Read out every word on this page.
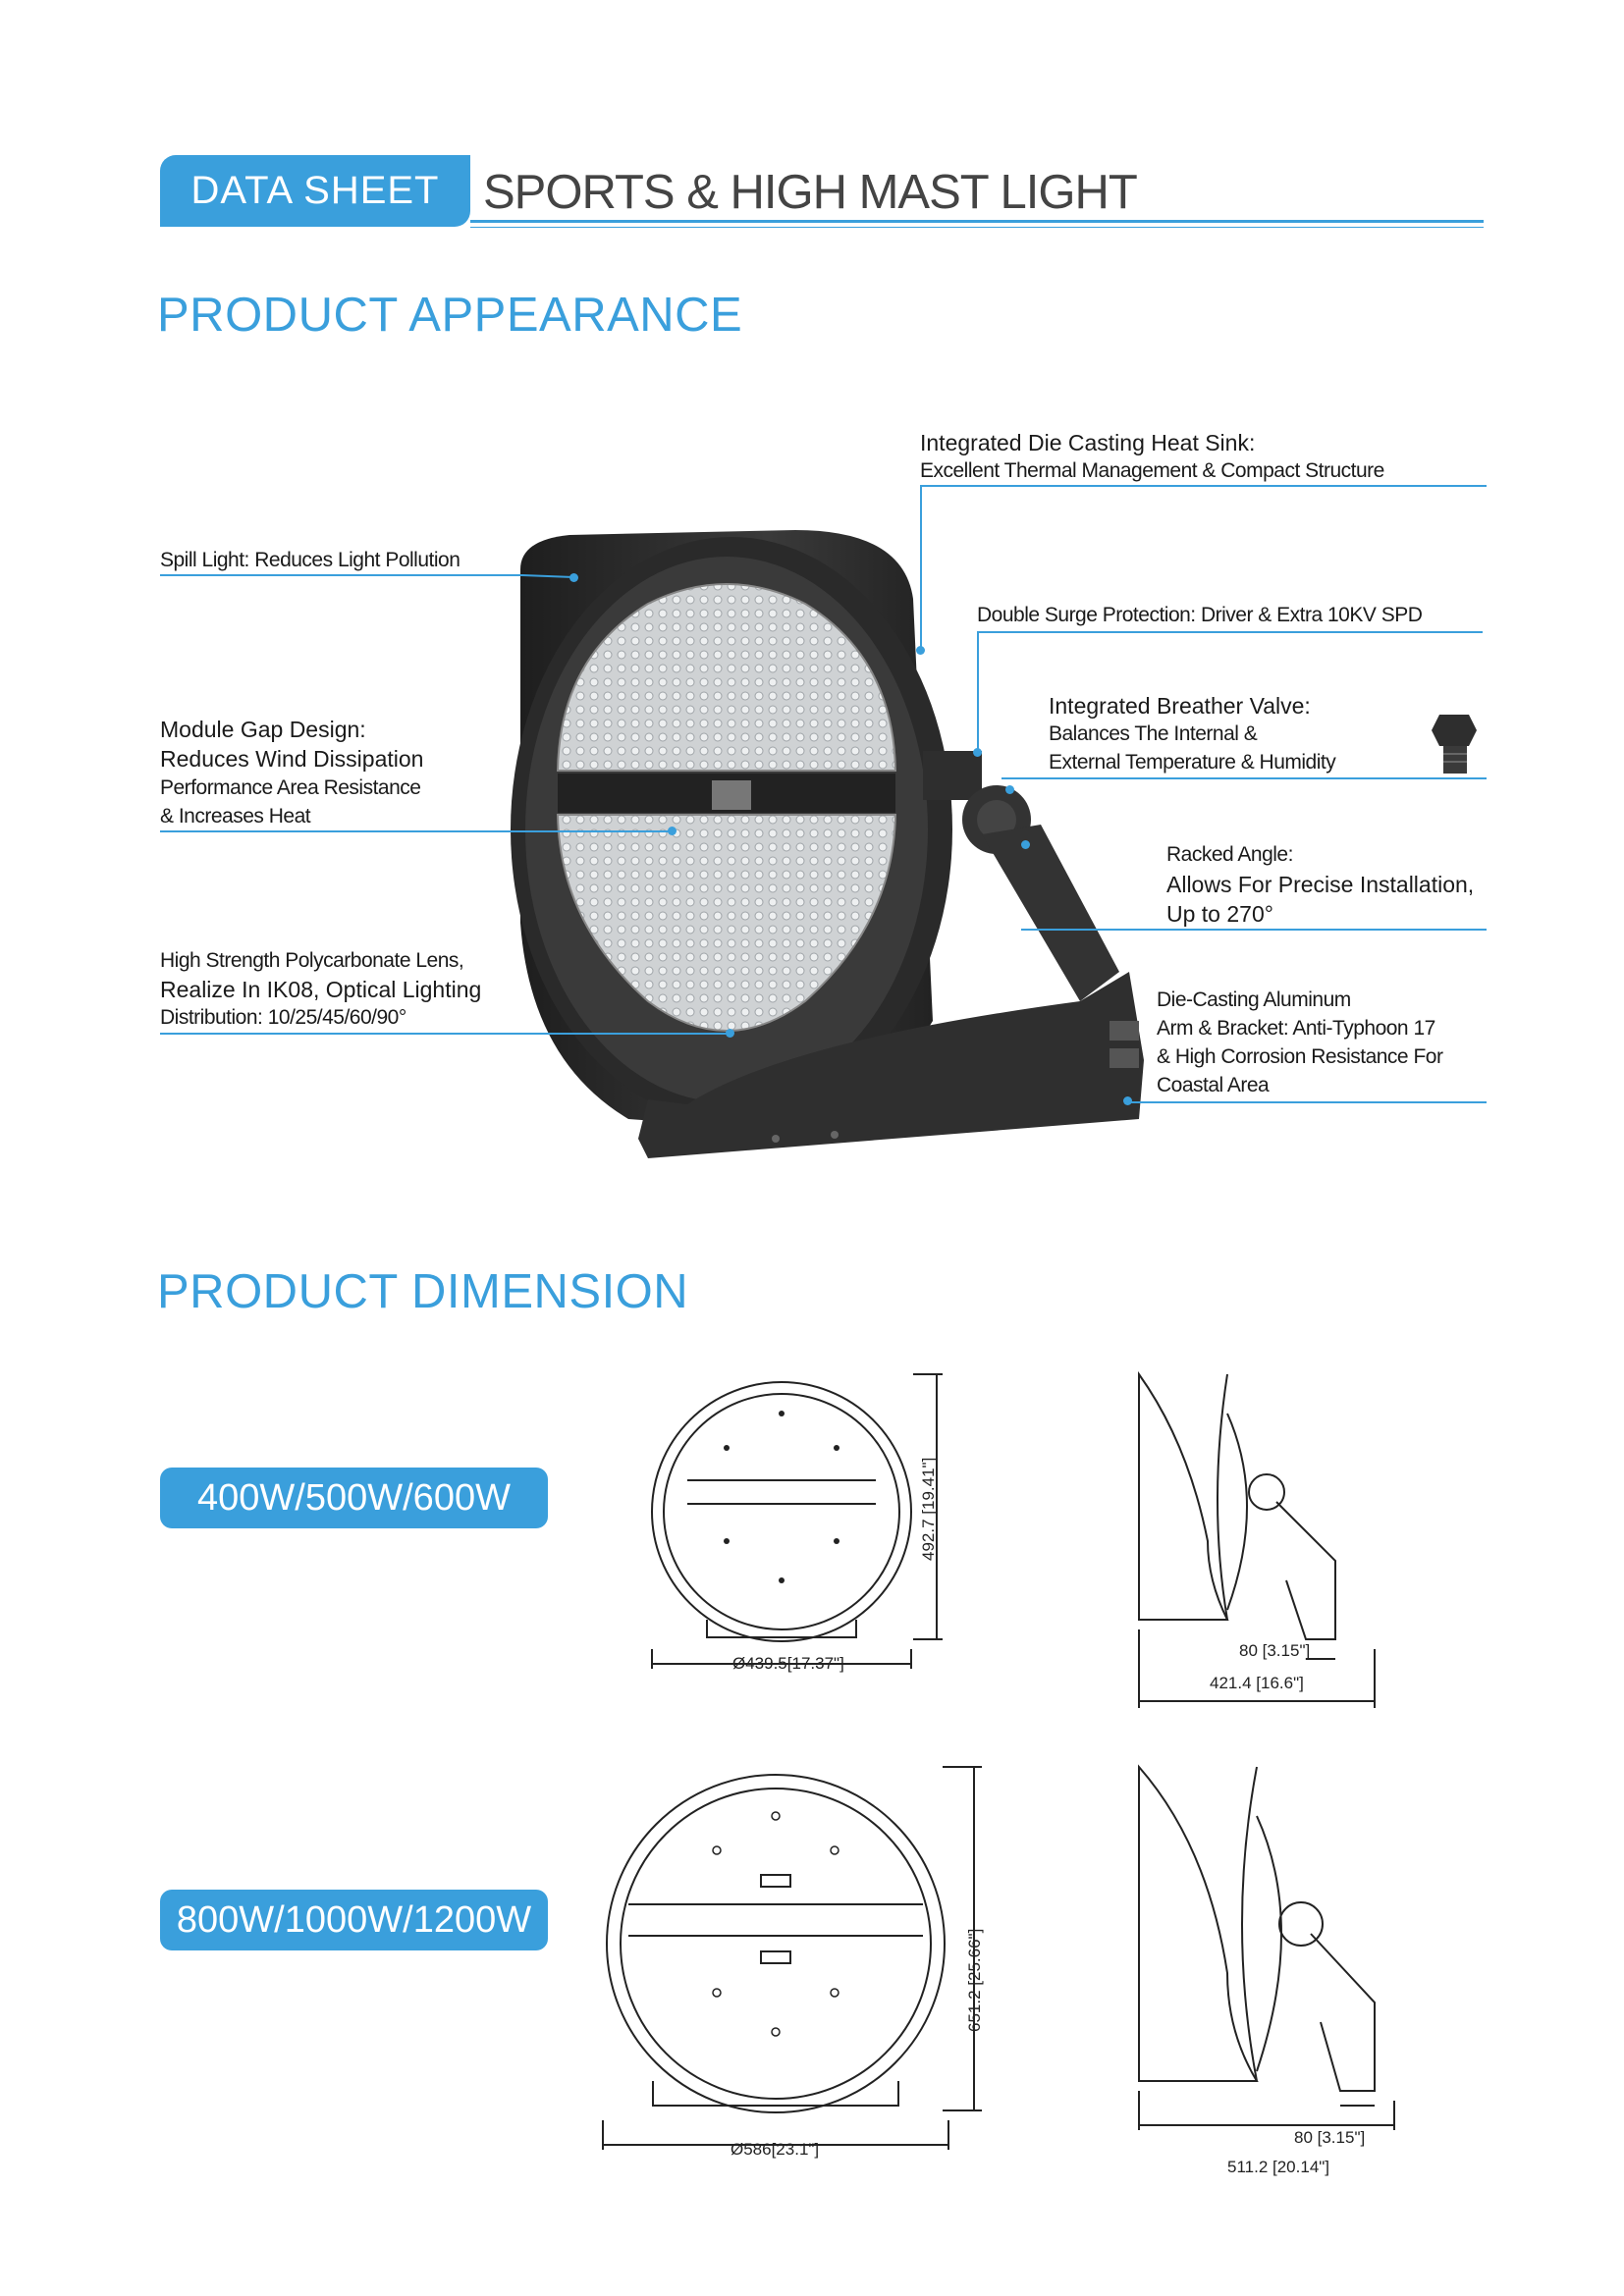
DATA SHEET SPORTS & HIGH MAST LIGHT
PRODUCT APPEARANCE
Integrated Die Casting Heat Sink:
Excellent Thermal Management & Compact Structure
Double Surge Protection: Driver & Extra 10KV SPD
Integrated Breather Valve:
Balances The Internal &
External Temperature & Humidity
Racked Angle:
Allows For Precise Installation,
Up to 270°
Die-Casting Aluminum
Arm & Bracket: Anti-Typhoon 17
& High Corrosion Resistance For
Coastal Area
Spill Light: Reduces Light Pollution
Module Gap Design:
Reduces Wind Dissipation
Performance Area Resistance
& Increases Heat
High Strength Polycarbonate Lens,
Realize In IK08, Optical Lighting
Distribution: 10/25/45/60/90°
PRODUCT DIMENSION
400W/500W/600W
800W/1000W/1200W
Ø439.5[17.37"]
492.7 [19.41"]
80 [3.15"]
421.4 [16.6"]
Ø586[23.1"]
651.2 [25.66"]
80 [3.15"]
511.2 [20.14"]
